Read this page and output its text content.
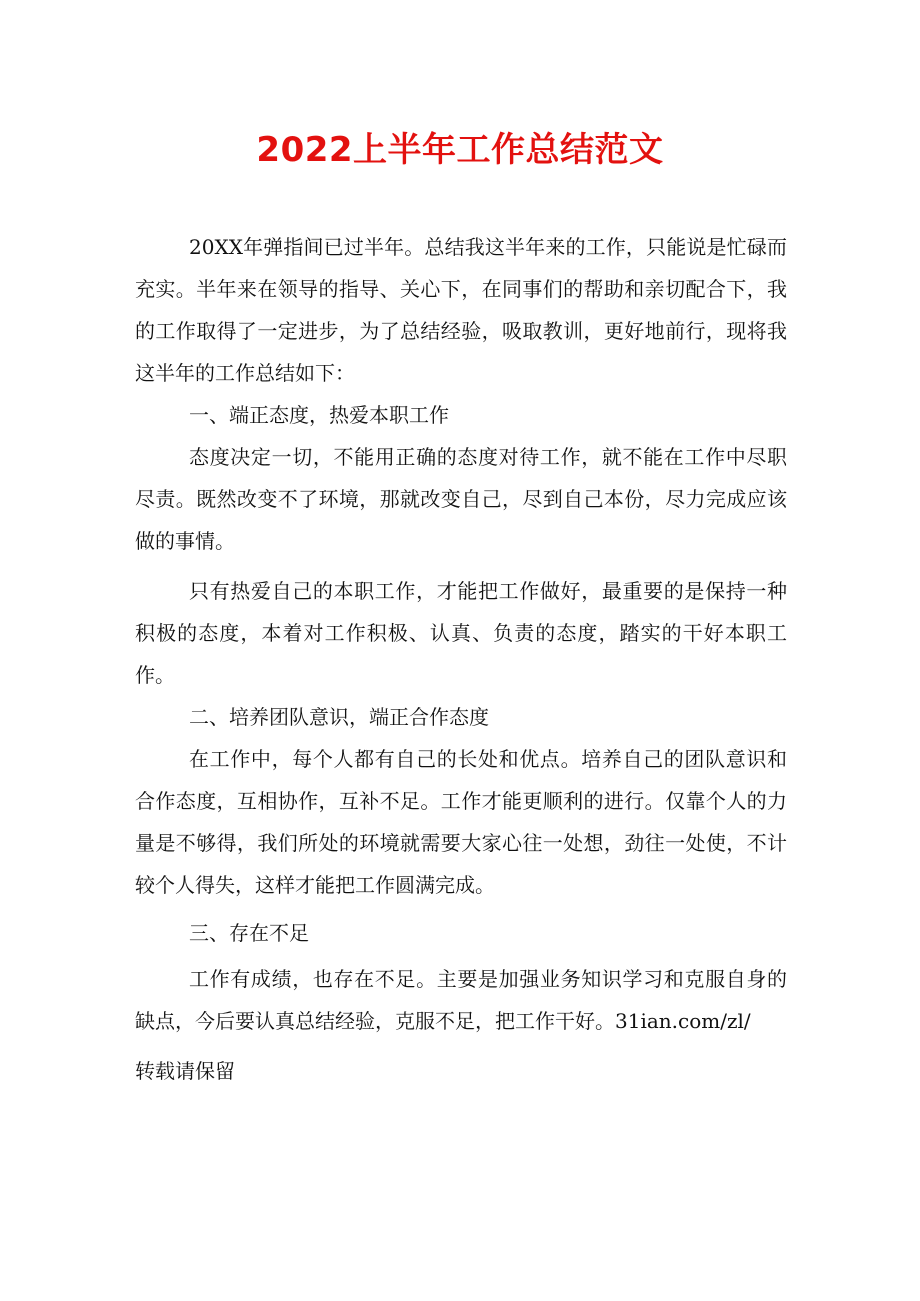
2022上半年工作总结范文

20XX年弹指间已过半年。总结我这半年来的工作，只能说是忙碌而充实。半年来在领导的指导、关心下，在同事们的帮助和亲切配合下，我的工作取得了一定进步，为了总结经验，吸取教训，更好地前行，现将我这半年的工作总结如下：

一、端正态度，热爱本职工作

态度决定一切，不能用正确的态度对待工作，就不能在工作中尽职尽责。既然改变不了环境，那就改变自己，尽到自己本份，尽力完成应该做的事情。

只有热爱自己的本职工作，才能把工作做好，最重要的是保持一种积极的态度，本着对工作积极、认真、负责的态度，踏实的干好本职工作。

二、培养团队意识，端正合作态度

在工作中，每个人都有自己的长处和优点。培养自己的团队意识和合作态度，互相协作，互补不足。工作才能更顺利的进行。仅靠个人的力量是不够得，我们所处的环境就需要大家心往一处想，劲往一处使，不计较个人得失，这样才能把工作圆满完成。

三、存在不足

工作有成绩，也存在不足。主要是加强业务知识学习和克服自身的缺点，今后要认真总结经验，克服不足，把工作干好。31ian.com/zl/

转载请保留
